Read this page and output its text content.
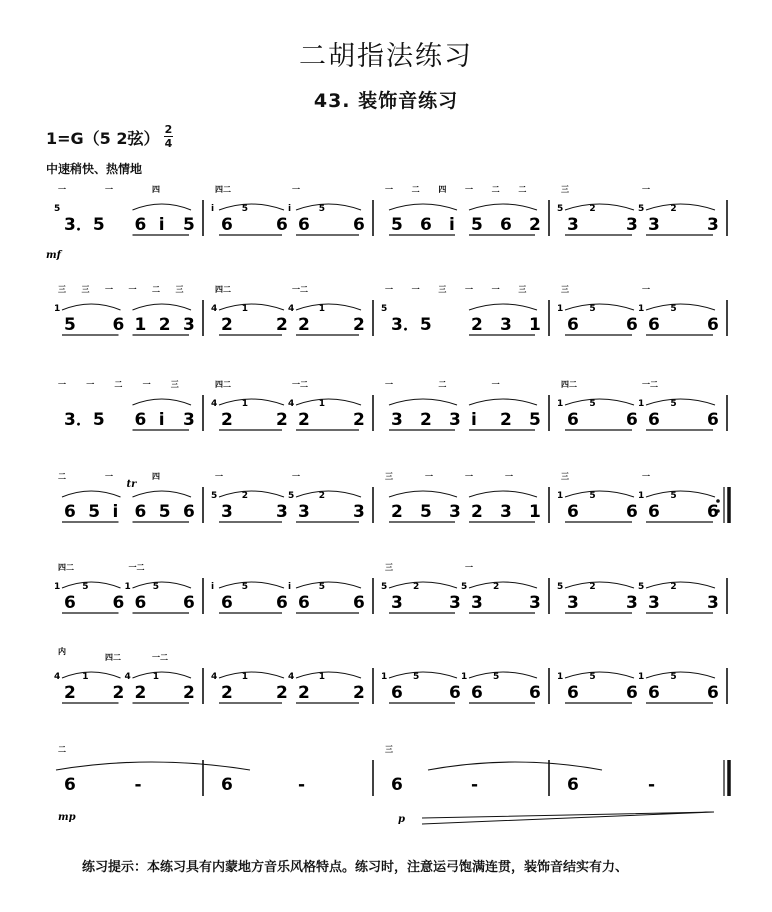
二胡指法练习
43. 装饰音练习
1=G（5 2弦） 2
4
中速稍快、热情地
一	一	四
5
3．5 6 i 5
四二	一
i	5
6	6
i	5
6	6
一 二 四 一 二 二
5 6 i 5 6 2
三	一
5	2
3	3
5	2
3	3
mf
三 三 一 一 二 三
1
5 6 1 2 3
四二	一二
4	1
2	2
4	1
2	2
一 一 三 一 一 三
5
3．5 2 3 1
三	一
1	5
6	6
1	5
6	6
一	一	二	一	三
3．5 6 i 3
四二	一二
4	1
2	2
4	1
2	2
一	二	一
3 2 3 i 2 5
四二	一二
1	5
6	6
1	5
6	6
二	一	四
6 5 i 6 5 6
tr
一	一
5	2
3	3
5	2
3	3
三	一	一	一
2 5 3 2 3 1
三	一
1	5
6	6
1	5
6	6
四二	一二
1 5
6 6
1 5
6 6
i	5
6	6
i	5
6	6
三	一
5	2
3	3
5	2
3	3
5	2
3	3
5	2
3	3
内
四二	一二
4 1
2 2
4 1
2 2
4	1
2	2
4	1
2	2
1	5
6	6
1	5
6	6
1	5
6	6
1	5
6	6
二
6	-	6	-
三
6	-	6	-
mp	p
练习提示：本练习具有内蒙地方音乐风格特点。练习时，注意运弓饱满连贯，装饰音结实有力、
